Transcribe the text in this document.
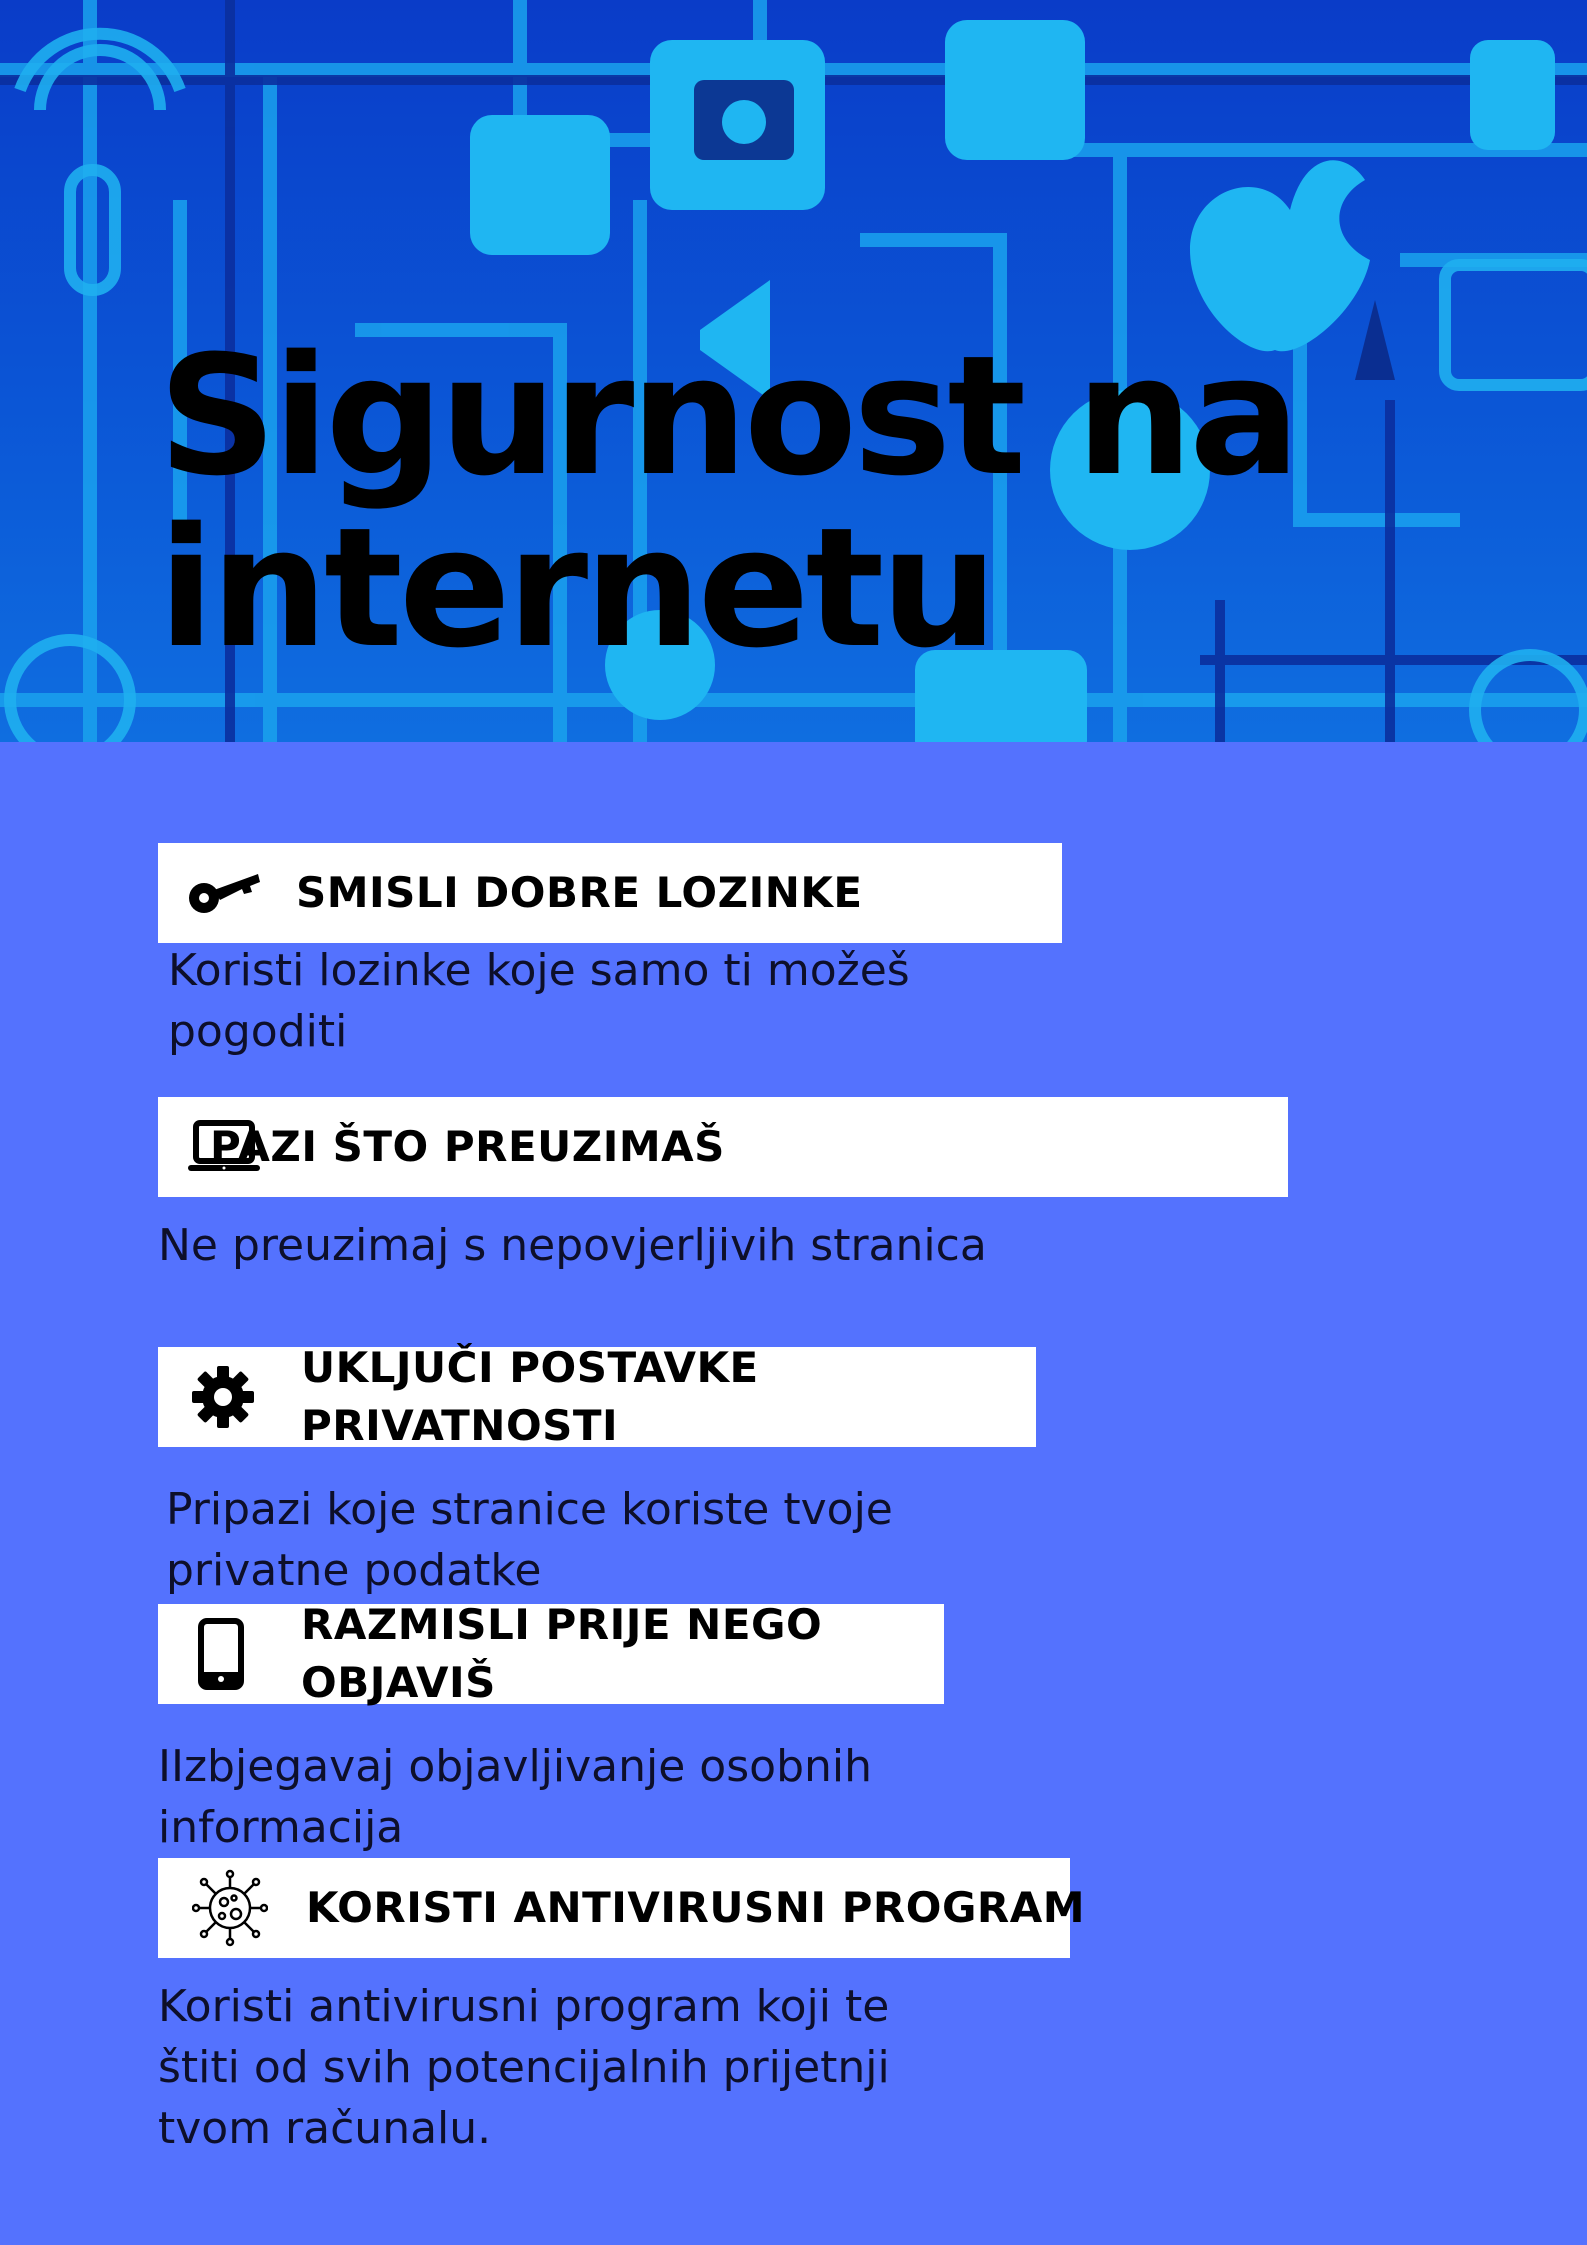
Sigurnost na
internetu
SMISLI DOBRE LOZINKE

Koristi lozinke koje samo ti možeš
pogoditi

PAZI ŠTO PREUZIMAŠ

Ne preuzimaj s nepovjerljivih stranica

UKLJUČI POSTAVKE
PRIVATNOSTI

Pripazi koje stranice koriste tvoje
privatne podatke

RAZMISLI PRIJE NEGO
OBJAVIŠ

IIzbjegavaj objavljivanje osobnih
informacija

KORISTI ANTIVIRUSNI PROGRAM

Koristi antivirusni program koji te
štiti od svih potencijalnih prijetnji
tvom računalu.
